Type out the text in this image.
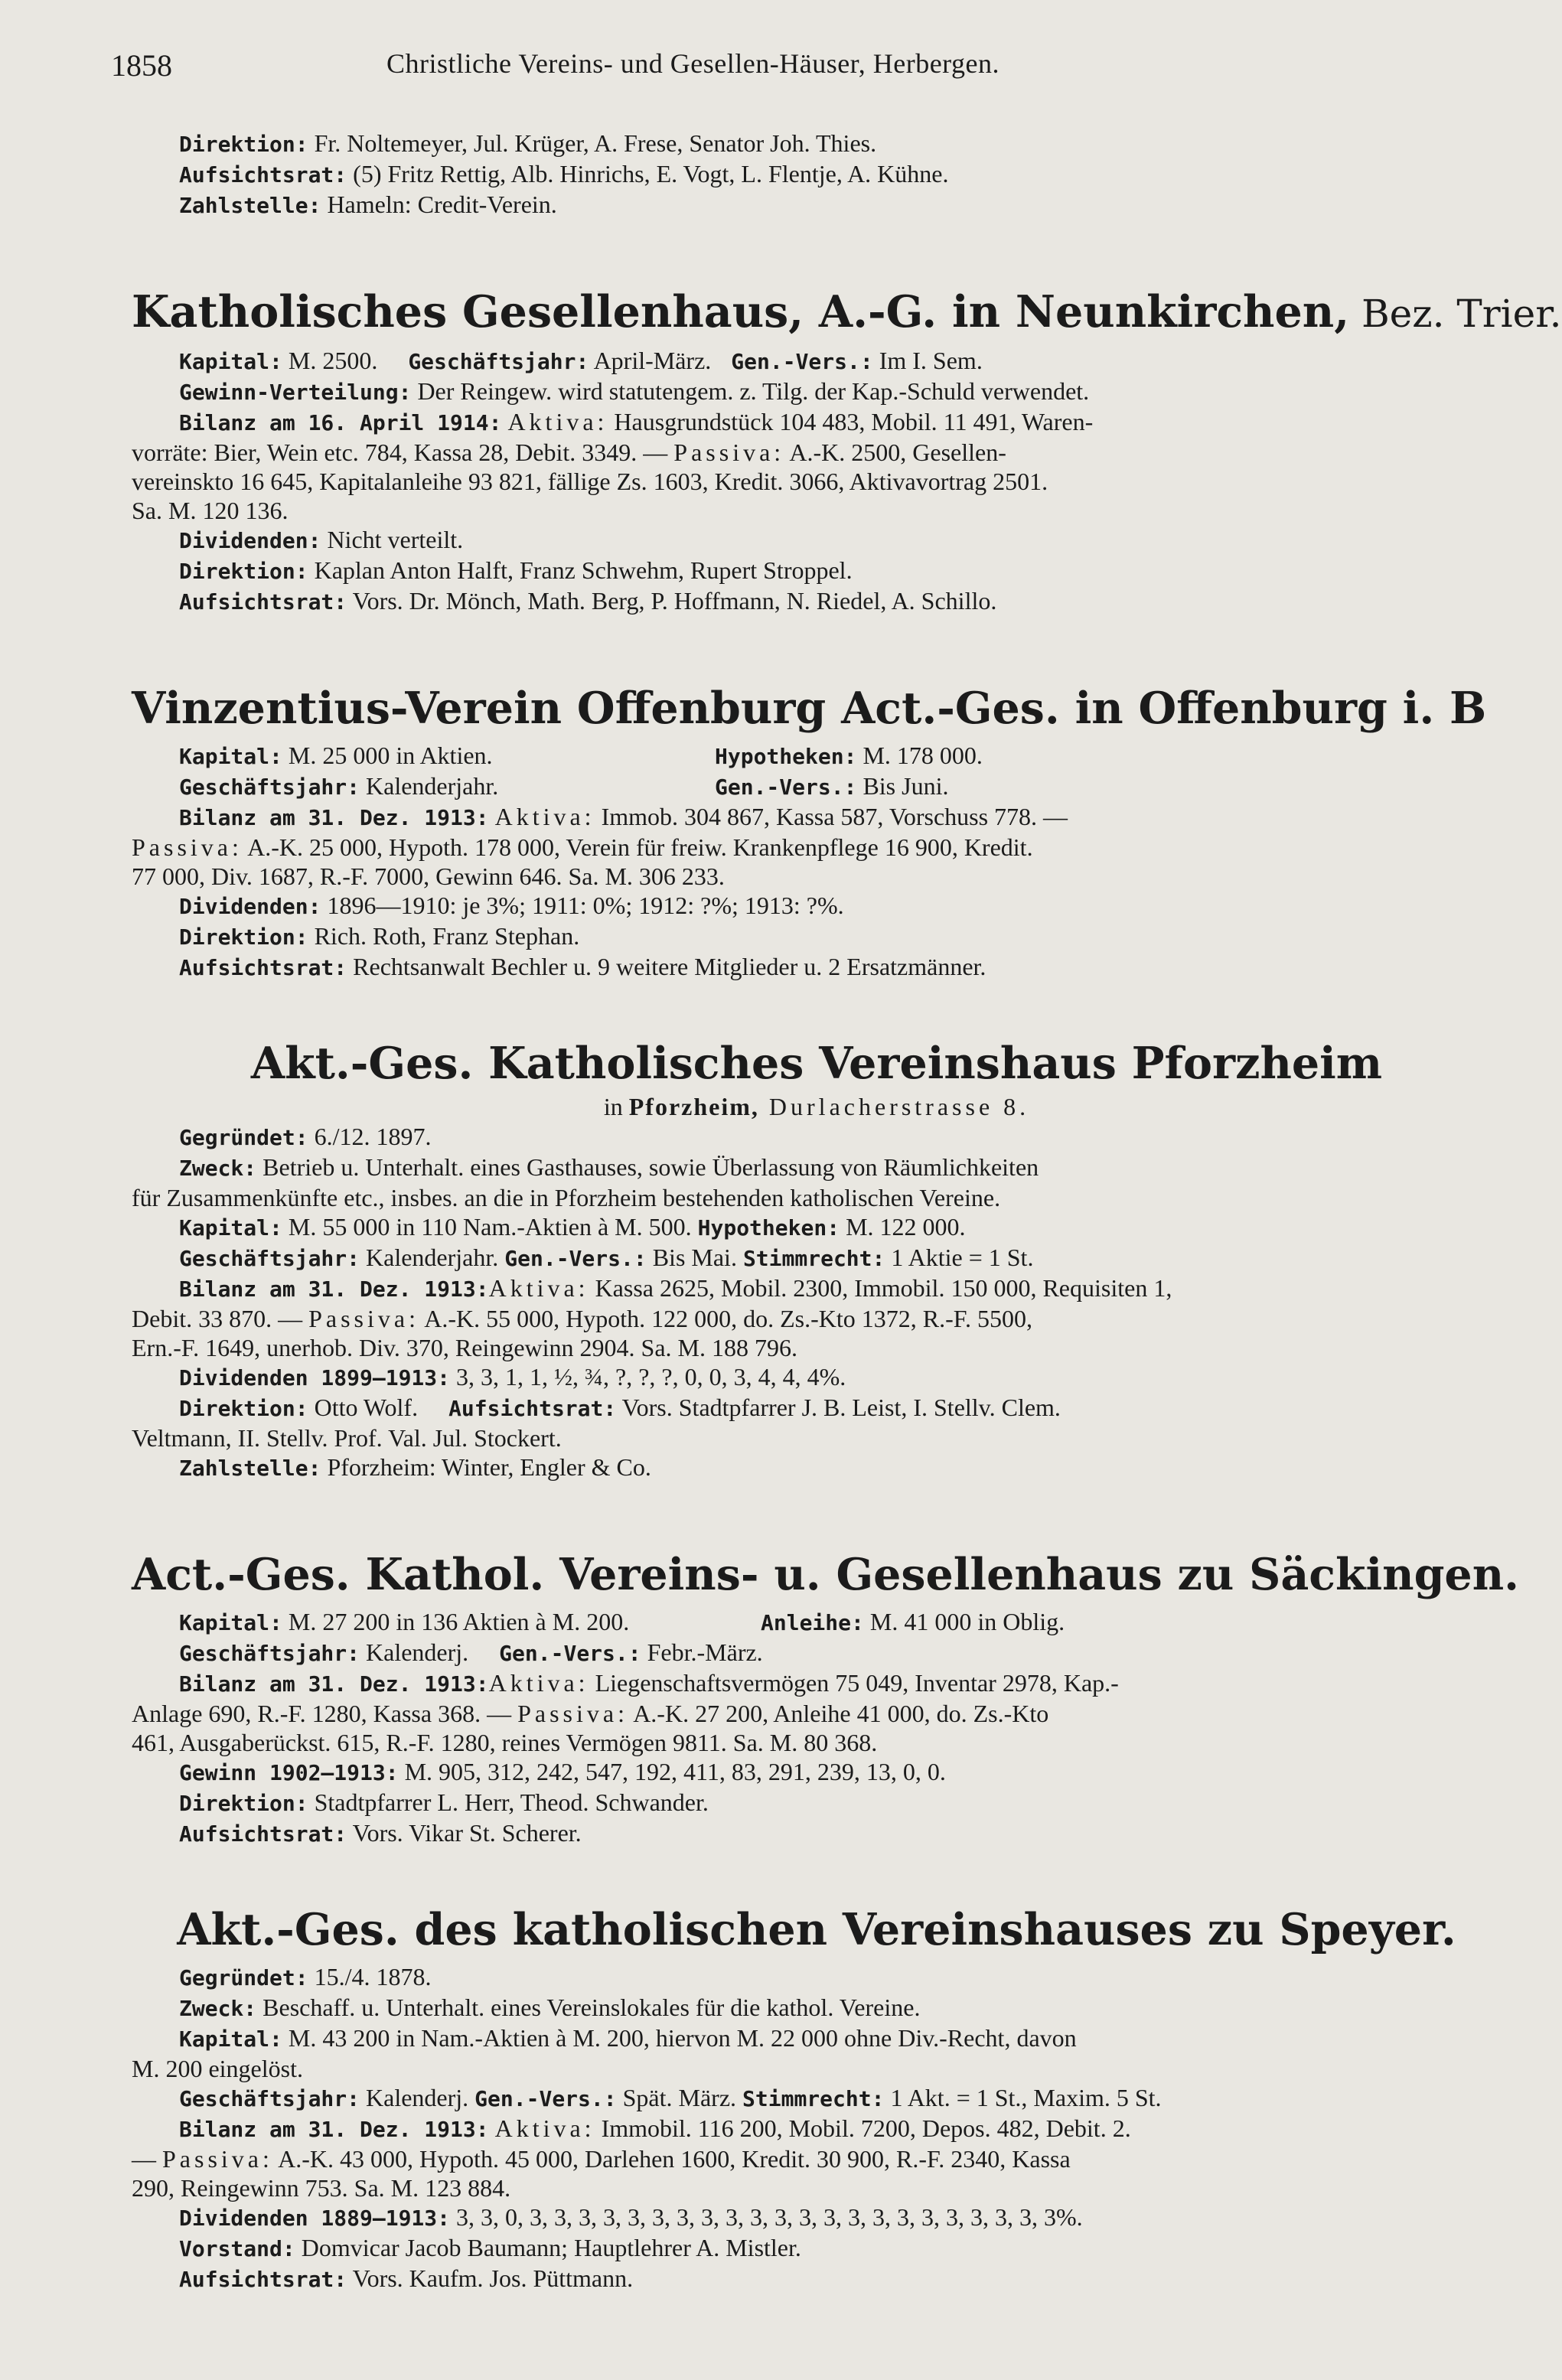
1858	Christliche Vereins- und Gesellen-Häuser, Herbergen.
Direktion: Fr. Noltemeyer, Jul. Krüger, A. Frese, Senator Joh. Thies.
Aufsichtsrat: (5) Fritz Rettig, Alb. Hinrichs, E. Vogt, L. Flentje, A. Kühne.
Zahlstelle: Hameln: Credit-Verein.
Katholisches Gesellenhaus, A.-G. in Neunkirchen, Bez. Trier.
Kapital: M. 2500. Geschäftsjahr: April-März. Gen.-Vers.: Im I. Sem.
Gewinn-Verteilung: Der Reingew. wird statutengem. z. Tilg. der Kap.-Schuld verwendet.
Bilanz am 16. April 1914: Aktiva: Hausgrundstück 104 483, Mobil. 11 491, Waren-
vorräte: Bier, Wein etc. 784, Kassa 28, Debit. 3349. — Passiva: A.-K. 2500, Gesellen-
vereinskto 16 645, Kapitalanleihe 93 821, fällige Zs. 1603, Kredit. 3066, Aktivavortrag 2501.
Sa. M. 120 136.
Dividenden: Nicht verteilt.
Direktion: Kaplan Anton Halft, Franz Schwehm, Rupert Stroppel.
Aufsichtsrat: Vors. Dr. Mönch, Math. Berg, P. Hoffmann, N. Riedel, A. Schillo.
Vinzentius-Verein Offenburg Act.-Ges. in Offenburg i. B
Kapital: M. 25 000 in Aktien.	Hypotheken: M. 178 000.
Geschäftsjahr: Kalenderjahr.	Gen.-Vers.: Bis Juni.
Bilanz am 31. Dez. 1913: Aktiva: Immob. 304 867, Kassa 587, Vorschuss 778. —
Passiva: A.-K. 25 000, Hypoth. 178 000, Verein für freiw. Krankenpflege 16 900, Kredit.
77 000, Div. 1687, R.-F. 7000, Gewinn 646. Sa. M. 306 233.
Dividenden: 1896—1910: je 3%; 1911: 0%; 1912: ?%; 1913: ?%.
Direktion: Rich. Roth, Franz Stephan.
Aufsichtsrat: Rechtsanwalt Bechler u. 9 weitere Mitglieder u. 2 Ersatzmänner.
Akt.-Ges. Katholisches Vereinshaus Pforzheim
in Pforzheim, Durlacherstrasse 8.
Gegründet: 6./12. 1897.
Zweck: Betrieb u. Unterhalt. eines Gasthauses, sowie Überlassung von Räumlichkeiten
für Zusammenkünfte etc., insbes. an die in Pforzheim bestehenden katholischen Vereine.
Kapital: M. 55 000 in 110 Nam.-Aktien à M. 500. Hypotheken: M. 122 000.
Geschäftsjahr: Kalenderjahr. Gen.-Vers.: Bis Mai. Stimmrecht: 1 Aktie = 1 St.
Bilanz am 31. Dez. 1913:Aktiva: Kassa 2625, Mobil. 2300, Immobil. 150 000, Requisiten 1,
Debit. 33 870. — Passiva: A.-K. 55 000, Hypoth. 122 000, do. Zs.-Kto 1372, R.-F. 5500,
Ern.-F. 1649, unerhob. Div. 370, Reingewinn 2904. Sa. M. 188 796.
Dividenden 1899—1913: 3, 3, 1, 1, ½, ¾, ?, ?, ?, 0, 0, 3, 4, 4, 4%.
Direktion: Otto Wolf. Aufsichtsrat: Vors. Stadtpfarrer J. B. Leist, I. Stellv. Clem.
Veltmann, II. Stellv. Prof. Val. Jul. Stockert.
Zahlstelle: Pforzheim: Winter, Engler & Co.
Act.-Ges. Kathol. Vereins- u. Gesellenhaus zu Säckingen.
Kapital: M. 27 200 in 136 Aktien à M. 200.	Anleihe: M. 41 000 in Oblig.
Geschäftsjahr: Kalenderj. Gen.-Vers.: Febr.-März.
Bilanz am 31. Dez. 1913:Aktiva: Liegenschaftsvermögen 75 049, Inventar 2978, Kap.-
Anlage 690, R.-F. 1280, Kassa 368. — Passiva: A.-K. 27 200, Anleihe 41 000, do. Zs.-Kto
461, Ausgaberückst. 615, R.-F. 1280, reines Vermögen 9811. Sa. M. 80 368.
Gewinn 1902—1913: M. 905, 312, 242, 547, 192, 411, 83, 291, 239, 13, 0, 0.
Direktion: Stadtpfarrer L. Herr, Theod. Schwander.
Aufsichtsrat: Vors. Vikar St. Scherer.
Akt.-Ges. des katholischen Vereinshauses zu Speyer.
Gegründet: 15./4. 1878.
Zweck: Beschaff. u. Unterhalt. eines Vereinslokales für die kathol. Vereine.
Kapital: M. 43 200 in Nam.-Aktien à M. 200, hiervon M. 22 000 ohne Div.-Recht, davon
M. 200 eingelöst.
Geschäftsjahr: Kalenderj. Gen.-Vers.: Spät. März. Stimmrecht: 1 Akt. = 1 St., Maxim. 5 St.
Bilanz am 31. Dez. 1913: Aktiva: Immobil. 116 200, Mobil. 7200, Depos. 482, Debit. 2.
— Passiva: A.-K. 43 000, Hypoth. 45 000, Darlehen 1600, Kredit. 30 900, R.-F. 2340, Kassa
290, Reingewinn 753. Sa. M. 123 884.
Dividenden 1889—1913: 3, 3, 0, 3, 3, 3, 3, 3, 3, 3, 3, 3, 3, 3, 3, 3, 3, 3, 3, 3, 3, 3, 3, 3, 3%.
Vorstand: Domvicar Jacob Baumann; Hauptlehrer A. Mistler.
Aufsichtsrat: Vors. Kaufm. Jos. Püttmann.
